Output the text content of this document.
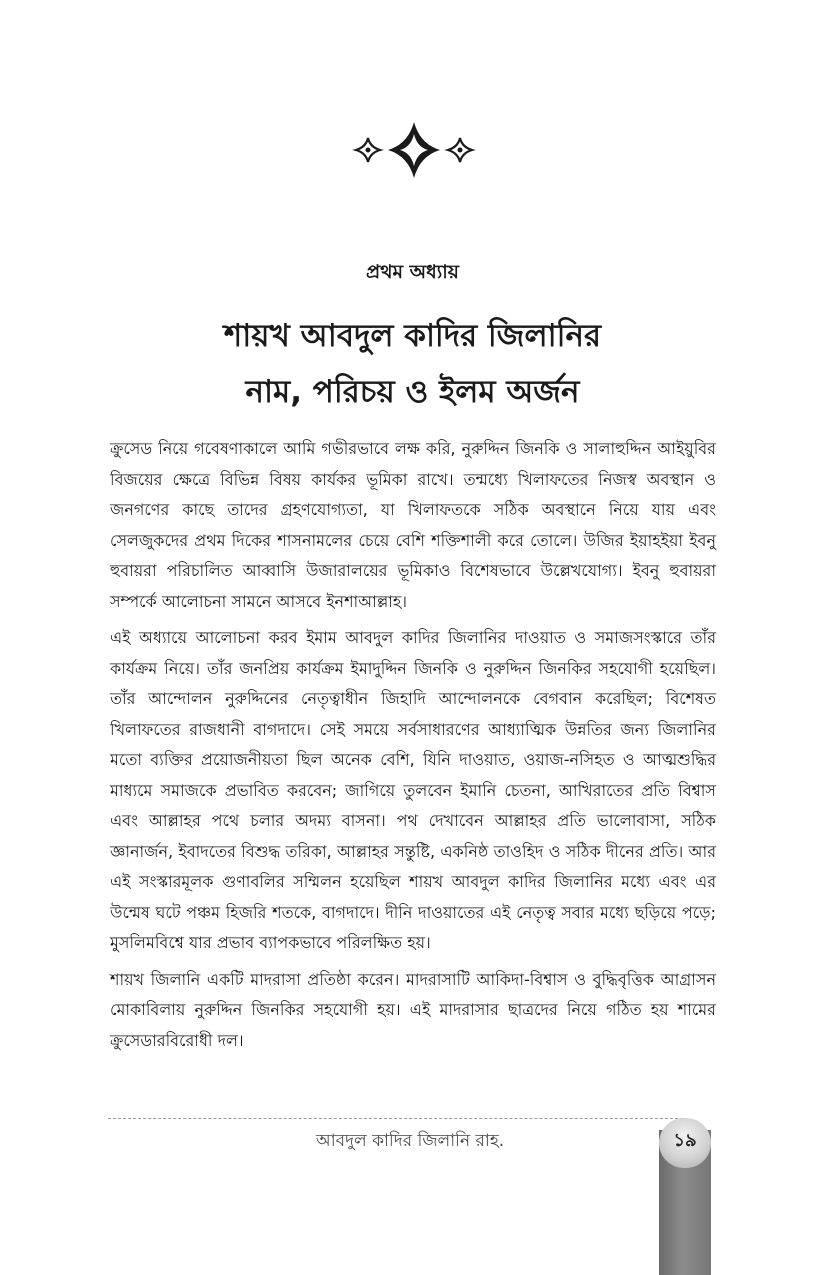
প্রথম অধ্যায়
শায়খ আবদুল কাদির জিলানির
নাম, পরিচয় ও ইলম অর্জন

ক্রুসেড নিয়ে গবেষণাকালে আমি গভীরভাবে লক্ষ করি, নুরুদ্দিন জিনকি ও সালাহুদ্দিন আইয়ুবির বিজয়ের ক্ষেত্রে বিভিন্ন বিষয় কার্যকর ভূমিকা রাখে। তন্মধ্যে খিলাফতের নিজস্ব অবস্থান ও জনগণের কাছে তাদের গ্রহণযোগ্যতা, যা খিলাফতকে সঠিক অবস্থানে নিয়ে যায় এবং সেলজুকদের প্রথম দিকের শাসনামলের চেয়ে বেশি শক্তিশালী করে তোলে। উজির ইয়াহইয়া ইবনু হুবায়রা পরিচালিত আব্বাসি উজারালয়ের ভূমিকাও বিশেষভাবে উল্লেখযোগ্য। ইবনু হুবায়রা সম্পর্কে আলোচনা সামনে আসবে ইনশাআল্লাহ।

এই অধ্যায়ে আলোচনা করব ইমাম আবদুল কাদির জিলানির দাওয়াত ও সমাজসংস্কারে তাঁর কার্যক্রম নিয়ে। তাঁর জনপ্রিয় কার্যক্রম ইমাদুদ্দিন জিনকি ও নুরুদ্দিন জিনকির সহযোগী হয়েছিল। তাঁর আন্দোলন নুরুদ্দিনের নেতৃত্বাধীন জিহাদি আন্দোলনকে বেগবান করেছিল; বিশেষত খিলাফতের রাজধানী বাগদাদে। সেই সময়ে সর্বসাধারণের আধ্যাত্মিক উন্নতির জন্য জিলানির মতো ব্যক্তির প্রয়োজনীয়তা ছিল অনেক বেশি, যিনি দাওয়াত, ওয়াজ-নসিহত ও আত্মশুদ্ধির মাধ্যমে সমাজকে প্রভাবিত করবেন; জাগিয়ে তুলবেন ইমানি চেতনা, আখিরাতের প্রতি বিশ্বাস এবং আল্লাহর পথে চলার অদম্য বাসনা। পথ দেখাবেন আল্লাহর প্রতি ভালোবাসা, সঠিক জ্ঞানার্জন, ইবাদতের বিশুদ্ধ তরিকা, আল্লাহর সন্তুষ্টি, একনিষ্ঠ তাওহিদ ও সঠিক দীনের প্রতি। আর এই সংস্কারমূলক গুণাবলির সম্মিলন হয়েছিল শায়খ আবদুল কাদির জিলানির মধ্যে এবং এর উন্মেষ ঘটে পঞ্চম হিজরি শতকে, বাগদাদে। দীনি দাওয়াতের এই নেতৃত্ব সবার মধ্যে ছড়িয়ে পড়ে; মুসলিমবিশ্বে যার প্রভাব ব্যাপকভাবে পরিলক্ষিত হয়।

শায়খ জিলানি একটি মাদরাসা প্রতিষ্ঠা করেন। মাদরাসাটি আকিদা-বিশ্বাস ও বুদ্ধিবৃত্তিক আগ্রাসন মোকাবিলায় নুরুদ্দিন জিনকির সহযোগী হয়। এই মাদরাসার ছাত্রদের নিয়ে গঠিত হয় শামের ক্রুসেডারবিরোধী দল।

আবদুল কাদির জিলানি রাহ.	১৯
